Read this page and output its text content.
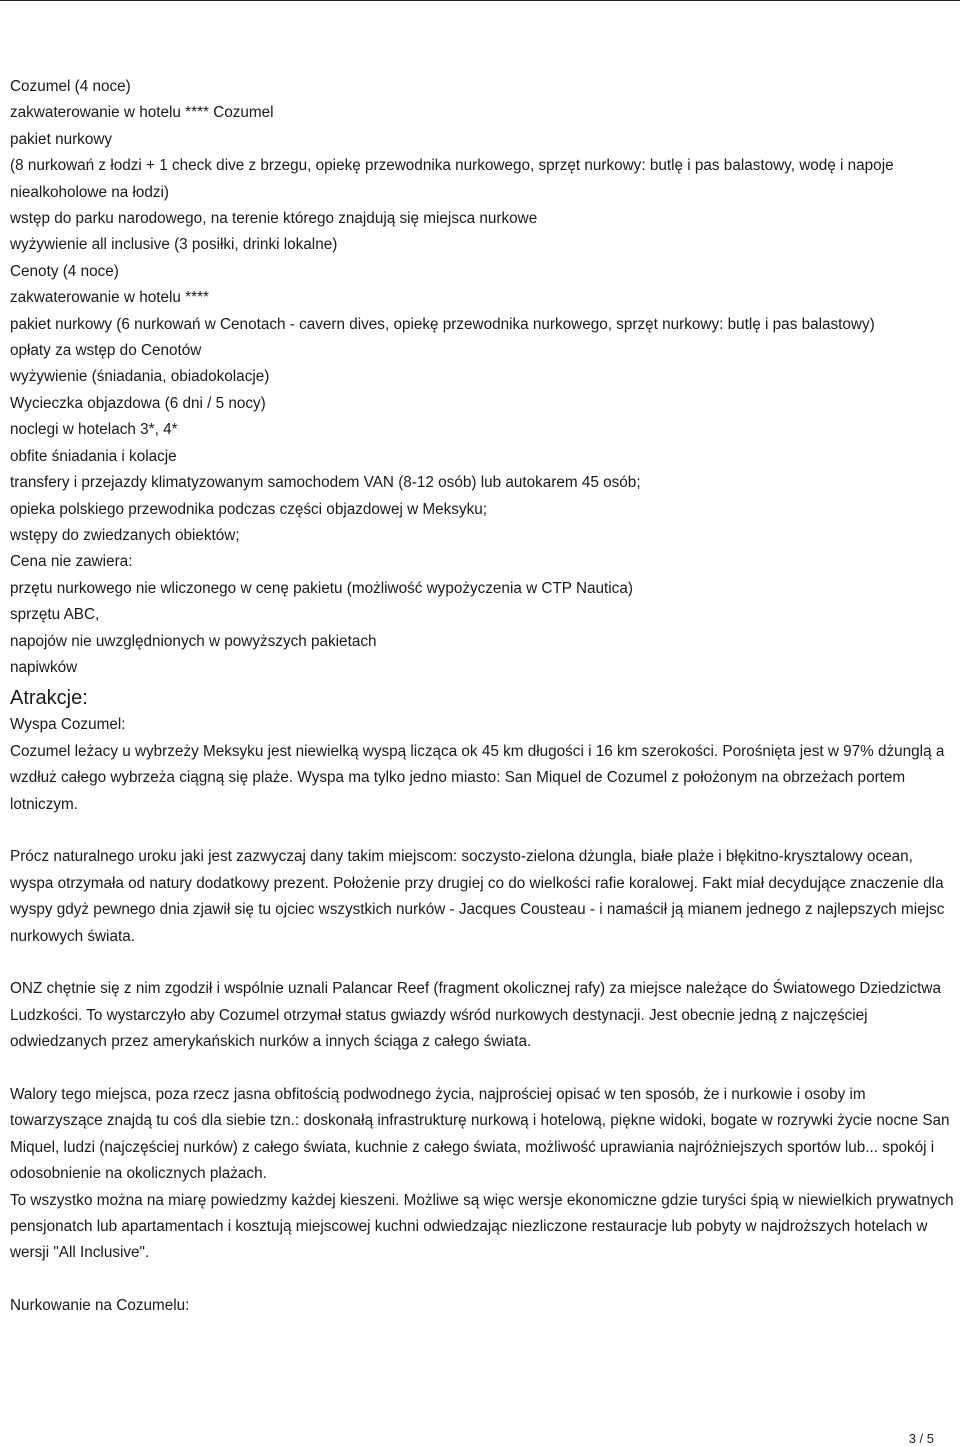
Cozumel (4 noce)

zakwaterowanie w hotelu **** Cozumel

pakiet nurkowy

(8 nurkowań z łodzi + 1 check dive z brzegu, opiekę przewodnika nurkowego, sprzęt nurkowy: butlę i pas balastowy, wodę i napoje niealkoholowe na łodzi)

wstęp do parku narodowego, na terenie którego znajdują się miejsca nurkowe

wyżywienie all inclusive (3 posiłki, drinki lokalne)

Cenoty (4 noce)

zakwaterowanie w hotelu ****

pakiet nurkowy (6 nurkowań w Cenotach - cavern dives, opiekę przewodnika nurkowego, sprzęt nurkowy: butlę i pas balastowy)

opłaty za wstęp do Cenotów

wyżywienie (śniadania, obiadokolacje)

Wycieczka objazdowa (6 dni / 5 nocy)

noclegi w hotelach 3*, 4*

obfite śniadania i kolacje

transfery i przejazdy klimatyzowanym samochodem VAN (8-12 osób) lub autokarem 45 osób;

opieka polskiego przewodnika podczas części objazdowej w Meksyku;

wstępy do zwiedzanych obiektów;

Cena nie zawiera:

przętu nurkowego nie wliczonego w cenę pakietu (możliwość wypożyczenia w CTP Nautica)

sprzętu ABC,

napojów nie uwzględnionych w powyższych pakietach

napiwków

Atrakcje:

Wyspa Cozumel:

Cozumel leżacy u wybrzeży Meksyku jest niewielką wyspą licząca ok 45 km długości i 16 km szerokości. Porośnięta jest w 97% dżunglą a wzdłuż całego wybrzeża ciągną się plaże. Wyspa ma tylko jedno miasto: San Miquel de Cozumel z położonym na obrzeżach portem lotniczym.

Prócz naturalnego uroku jaki jest zazwyczaj dany takim miejscom: soczysto-zielona dżungla, białe plaże i błękitno-krysztalowy ocean, wyspa otrzymała od natury dodatkowy prezent. Położenie przy drugiej co do wielkości rafie koralowej. Fakt miał decydujące znaczenie dla wyspy gdyż pewnego dnia zjawił się tu ojciec wszystkich nurków - Jacques Cousteau - i namaścił ją mianem jednego z najlepszych miejsc nurkowych świata.

ONZ chętnie się z nim zgodził i wspólnie uznali Palancar Reef (fragment okolicznej rafy) za miejsce należące do Światowego Dziedzictwa Ludzkości. To wystarczyło aby Cozumel otrzymał status gwiazdy wśród nurkowych destynacji. Jest obecnie jedną z najczęściej odwiedzanych przez amerykańskich nurków a innych ściąga z całego świata.

Walory tego miejsca, poza rzecz jasna obfitością podwodnego życia, najprościej opisać w ten sposób, że i nurkowie i osoby im towarzyszące znajdą tu coś dla siebie tzn.: doskonałą infrastrukturę nurkową i hotelową, piękne widoki, bogate w rozrywki życie nocne San Miquel, ludzi (najczęściej nurków) z całego świata, kuchnie z całego świata, możliwość uprawiania najróżniejszych sportów lub... spokój i odosobnienie na okolicznych plażach.

To wszystko można na miarę powiedzmy każdej kieszeni. Możliwe są więc wersje ekonomiczne gdzie turyści śpią w niewielkich prywatnych pensjonatch lub apartamentach i kosztują miejscowej kuchni odwiedzając niezliczone restauracje lub pobyty w najdroższych hotelach w wersji "All Inclusive".

Nurkowanie na Cozumelu:

3 / 5
